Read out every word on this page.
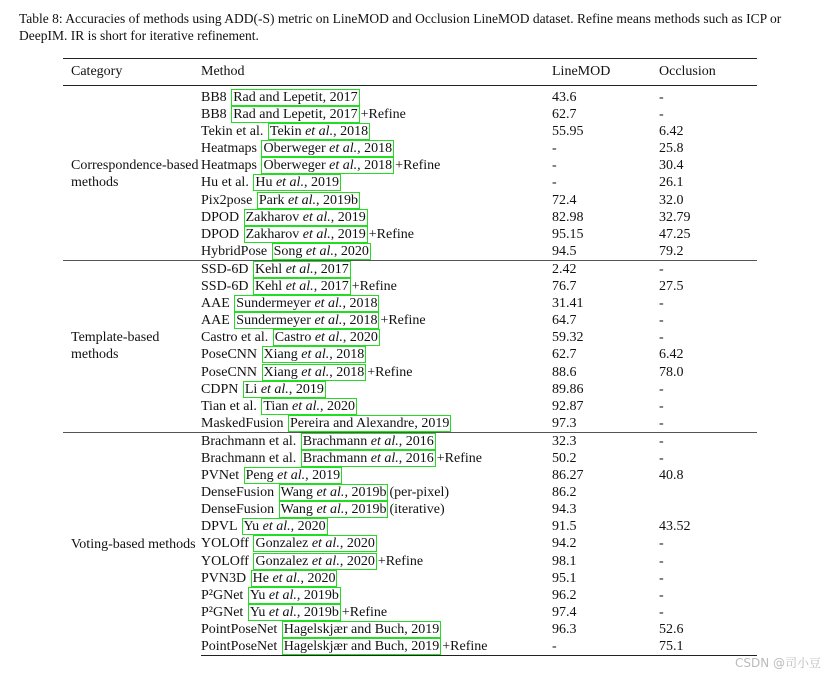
Table 8: Accuracies of methods using ADD(-S) metric on LineMOD and Occlusion LineMOD dataset. Refine means methods such as ICP or DeepIM. IR is short for iterative refinement.
Category	Method	LineMOD	Occlusion
Correspondence-based methods	BB8 Rad and Lepetit, 2017	43.6	-
	BB8 Rad and Lepetit, 2017 +Refine	62.7	-
	Tekin et al. Tekin et al., 2018	55.95	6.42
	Heatmaps Oberweger et al., 2018	-	25.8
	Heatmaps Oberweger et al., 2018 +Refine	-	30.4
	Hu et al. Hu et al., 2019	-	26.1
	Pix2pose Park et al., 2019b	72.4	32.0
	DPOD Zakharov et al., 2019	82.98	32.79
	DPOD Zakharov et al., 2019 +Refine	95.15	47.25
	HybridPose Song et al., 2020	94.5	79.2
Template-based methods	SSD-6D Kehl et al., 2017	2.42	-
	SSD-6D Kehl et al., 2017 +Refine	76.7	27.5
	AAE Sundermeyer et al., 2018	31.41	-
	AAE Sundermeyer et al., 2018 +Refine	64.7	-
	Castro et al. Castro et al., 2020	59.32	-
	PoseCNN Xiang et al., 2018	62.7	6.42
	PoseCNN Xiang et al., 2018 +Refine	88.6	78.0
	CDPN Li et al., 2019	89.86	-
	Tian et al. Tian et al., 2020	92.87	-
	MaskedFusion Pereira and Alexandre, 2019	97.3	-
Voting-based methods	Brachmann et al. Brachmann et al., 2016	32.3	-
	Brachmann et al. Brachmann et al., 2016 +Refine	50.2	-
	PVNet Peng et al., 2019	86.27	40.8
	DenseFusion Wang et al., 2019b (per-pixel)	86.2	
	DenseFusion Wang et al., 2019b (iterative)	94.3	
	DPVL Yu et al., 2020	91.5	43.52
	YOLOff Gonzalez et al., 2020	94.2	-
	YOLOff Gonzalez et al., 2020 +Refine	98.1	-
	PVN3D He et al., 2020	95.1	-
	P²GNet Yu et al., 2019b	96.2	-
	P²GNet Yu et al., 2019b +Refine	97.4	-
	PointPoseNet Hagelskjær and Buch, 2019	96.3	52.6
	PointPoseNet Hagelskjær and Buch, 2019 +Refine	-	75.1
CSDN @司小豆
